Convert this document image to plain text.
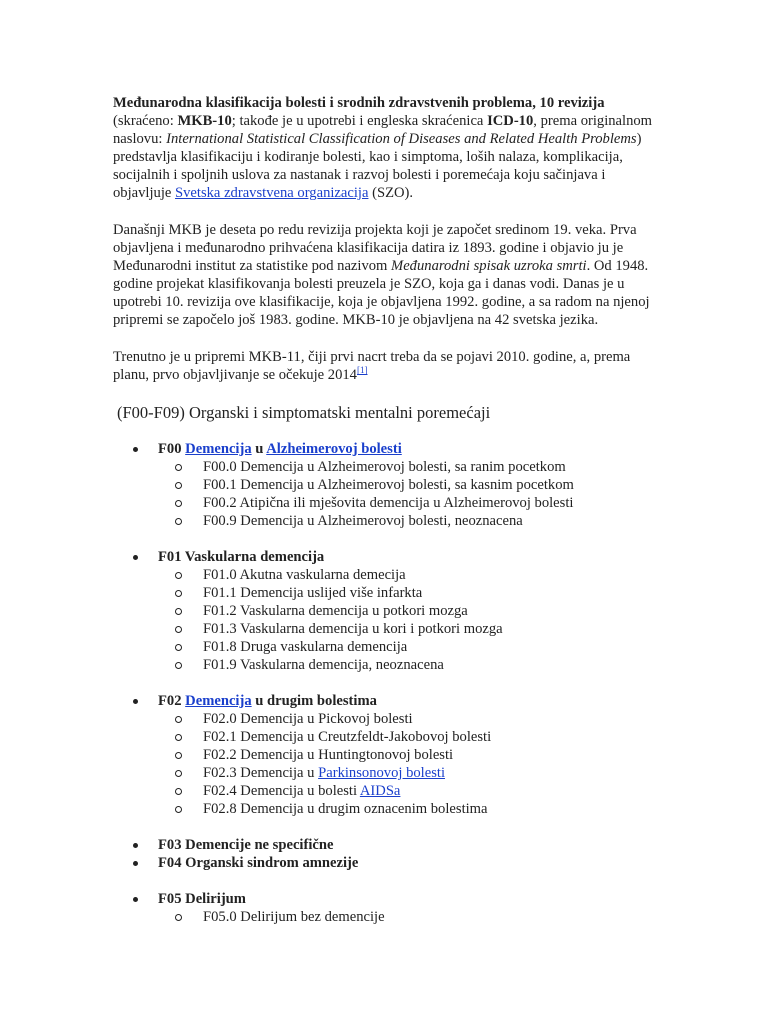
Međunarodna klasifikacija bolesti i srodnih zdravstvenih problema, 10 revizija (skraćeno: MKB-10; takođe je u upotrebi i engleska skraćenica ICD-10, prema originalnom naslovu: International Statistical Classification of Diseases and Related Health Problems) predstavlja klasifikaciju i kodiranje bolesti, kao i simptoma, loših nalaza, komplikacija, socijalnih i spoljnih uslova za nastanak i razvoj bolesti i poremećaja koju sačinjava i objavljuje Svetska zdravstvena organizacija (SZO).

Današnji MKB je deseta po redu revizija projekta koji je započet sredinom 19. veka. Prva objavljena i međunarodno prihvaćena klasifikacija datira iz 1893. godine i objavio ju je Međunarodni institut za statistike pod nazivom Međunarodni spisak uzroka smrti. Od 1948. godine projekat klasifikovanja bolesti preuzela je SZO, koja ga i danas vodi. Danas je u upotrebi 10. revizija ove klasifikacije, koja je objavljena 1992. godine, a sa radom na njenoj pripremi se započelo još 1983. godine. MKB-10 je objavljena na 42 svetska jezika.

Trenutno je u pripremi MKB-11, čiji prvi nacrt treba da se pojavi 2010. godine, a, prema planu, prvo objavljivanje se očekuje 2014[1]

(F00-F09) Organski i simptomatski mentalni poremećaji
F00 Demencija u Alzheimerovoj bolesti
F00.0 Demencija u Alzheimerovoj bolesti, sa ranim pocetkom
F00.1 Demencija u Alzheimerovoj bolesti, sa kasnim pocetkom
F00.2 Atipična ili mješovita demencija u Alzheimerovoj bolesti
F00.9 Demencija u Alzheimerovoj bolesti, neoznacena
F01 Vaskularna demencija
F01.0 Akutna vaskularna demecija
F01.1 Demencija uslijed više infarkta
F01.2 Vaskularna demencija u potkori mozga
F01.3 Vaskularna demencija u kori i potkori mozga
F01.8 Druga vaskularna demencija
F01.9 Vaskularna demencija, neoznacena
F02 Demencija u drugim bolestima
F02.0 Demencija u Pickovoj bolesti
F02.1 Demencija u Creutzfeldt-Jakobovoj bolesti
F02.2 Demencija u Huntingtonovoj bolesti
F02.3 Demencija u Parkinsonovoj bolesti
F02.4 Demencija u bolesti AIDSa
F02.8 Demencija u drugim oznacenim bolestima
F03 Demencije ne specifične
F04 Organski sindrom amnezije
F05 Delirijum
F05.0 Delirijum bez demencije
